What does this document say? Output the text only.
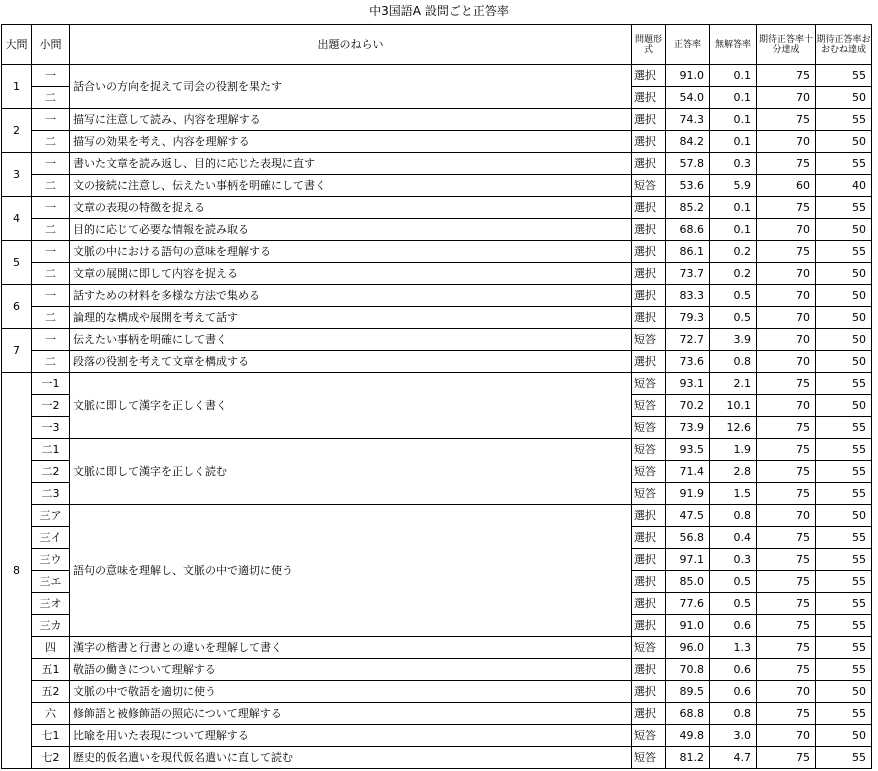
中3国語A 設問ごと正答率
大問	小問	出題のねらい	問題形式	正答率	無解答率	期待正答率十分達成	期待正答率おおむね達成
1	一	話合いの方向を捉えて司会の役割を果たす	選択	91.0	0.1	75	55
	二		選択	54.0	0.1	70	50
2	一	描写に注意して読み、内容を理解する	選択	74.3	0.1	75	55
	二	描写の効果を考え、内容を理解する	選択	84.2	0.1	70	50
3	一	書いた文章を読み返し、目的に応じた表現に直す	選択	57.8	0.3	75	55
	二	文の接続に注意し、伝えたい事柄を明確にして書く	短答	53.6	5.9	60	40
4	一	文章の表現の特徴を捉える	選択	85.2	0.1	75	55
	二	目的に応じて必要な情報を読み取る	選択	68.6	0.1	70	50
5	一	文脈の中における語句の意味を理解する	選択	86.1	0.2	75	55
	二	文章の展開に即して内容を捉える	選択	73.7	0.2	70	50
6	一	話すための材料を多様な方法で集める	選択	83.3	0.5	70	50
	二	論理的な構成や展開を考えて話す	選択	79.3	0.5	70	50
7	一	伝えたい事柄を明確にして書く	短答	72.7	3.9	70	50
	二	段落の役割を考えて文章を構成する	選択	73.6	0.8	70	50
8	一1	文脈に即して漢字を正しく書く	短答	93.1	2.1	75	55
	一2		短答	70.2	10.1	70	50
	一3		短答	73.9	12.6	75	55
	二1	文脈に即して漢字を正しく読む	短答	93.5	1.9	75	55
	二2		短答	71.4	2.8	75	55
	二3		短答	91.9	1.5	75	55
	三ア	語句の意味を理解し、文脈の中で適切に使う	選択	47.5	0.8	70	50
	三イ		選択	56.8	0.4	75	55
	三ウ		選択	97.1	0.3	75	55
	三エ		選択	85.0	0.5	75	55
	三オ		選択	77.6	0.5	75	55
	三カ		選択	91.0	0.6	75	55
	四	漢字の楷書と行書との違いを理解して書く	短答	96.0	1.3	75	55
	五1	敬語の働きについて理解する	選択	70.8	0.6	75	55
	五2	文脈の中で敬語を適切に使う	選択	89.5	0.6	70	50
	六	修飾語と被修飾語の照応について理解する	選択	68.8	0.8	75	55
	七1	比喩を用いた表現について理解する	短答	49.8	3.0	70	50
	七2	歴史的仮名遣いを現代仮名遣いに直して読む	短答	81.2	4.7	75	55
